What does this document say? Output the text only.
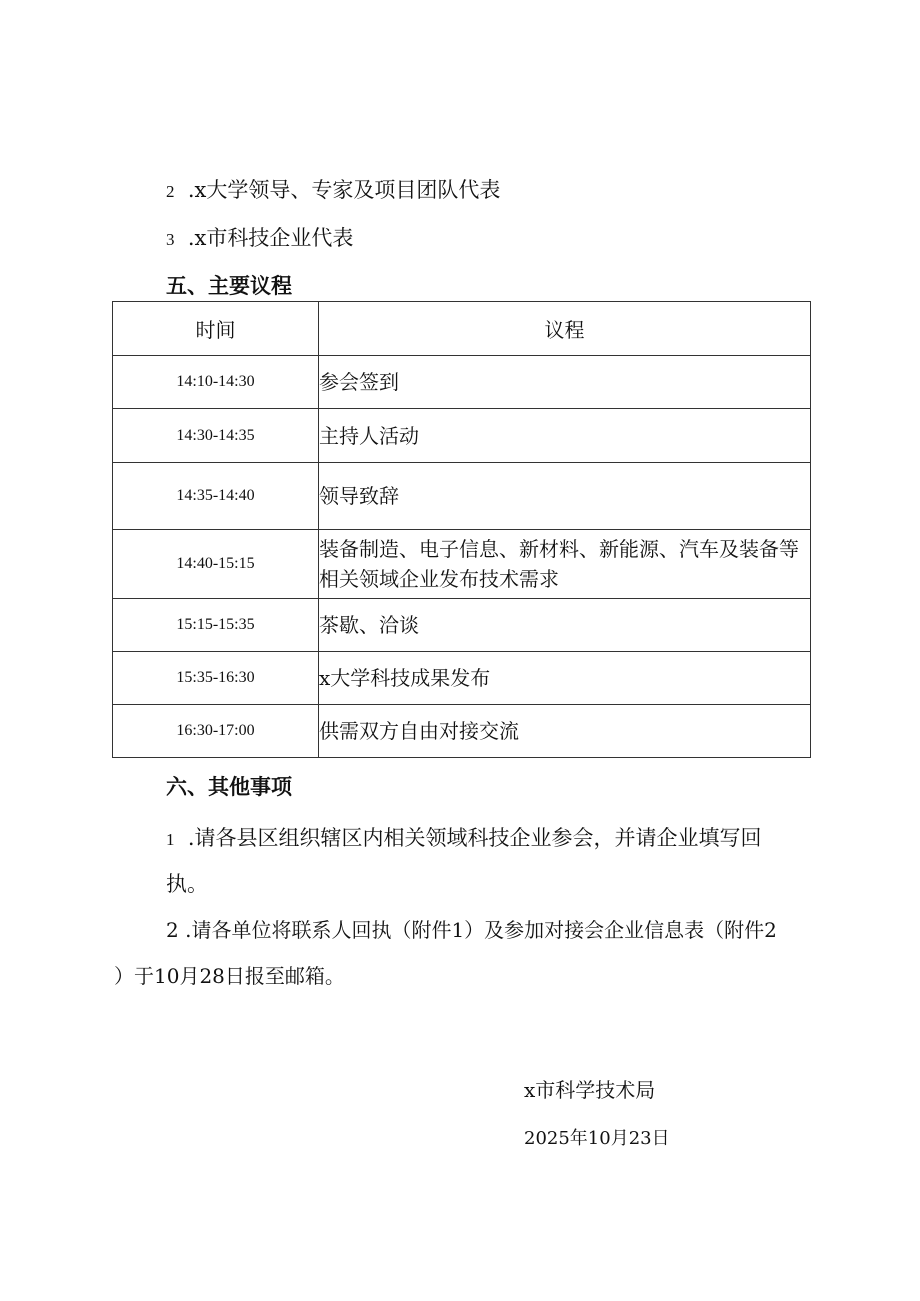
2 .x大学领导、专家及项目团队代表
3 .x市科技企业代表
五、主要议程
时间	议程
14:10-14:30	参会签到
14:30-14:35	主持人活动
14:35-14:40	领导致辞
14:40-15:15	装备制造、电子信息、新材料、新能源、汽车及装备等相关领域企业发布技术需求
15:15-15:35	茶歇、洽谈
15:35-16:30	x大学科技成果发布
16:30-17:00	供需双方自由对接交流
六、其他事项
1 .请各县区组织辖区内相关领域科技企业参会，并请企业填写回
执。
2 .请各单位将联系人回执（附件1）及参加对接会企业信息表（附件2
）于10月28日报至邮箱。
x市科学技术局
2025年10月23日
